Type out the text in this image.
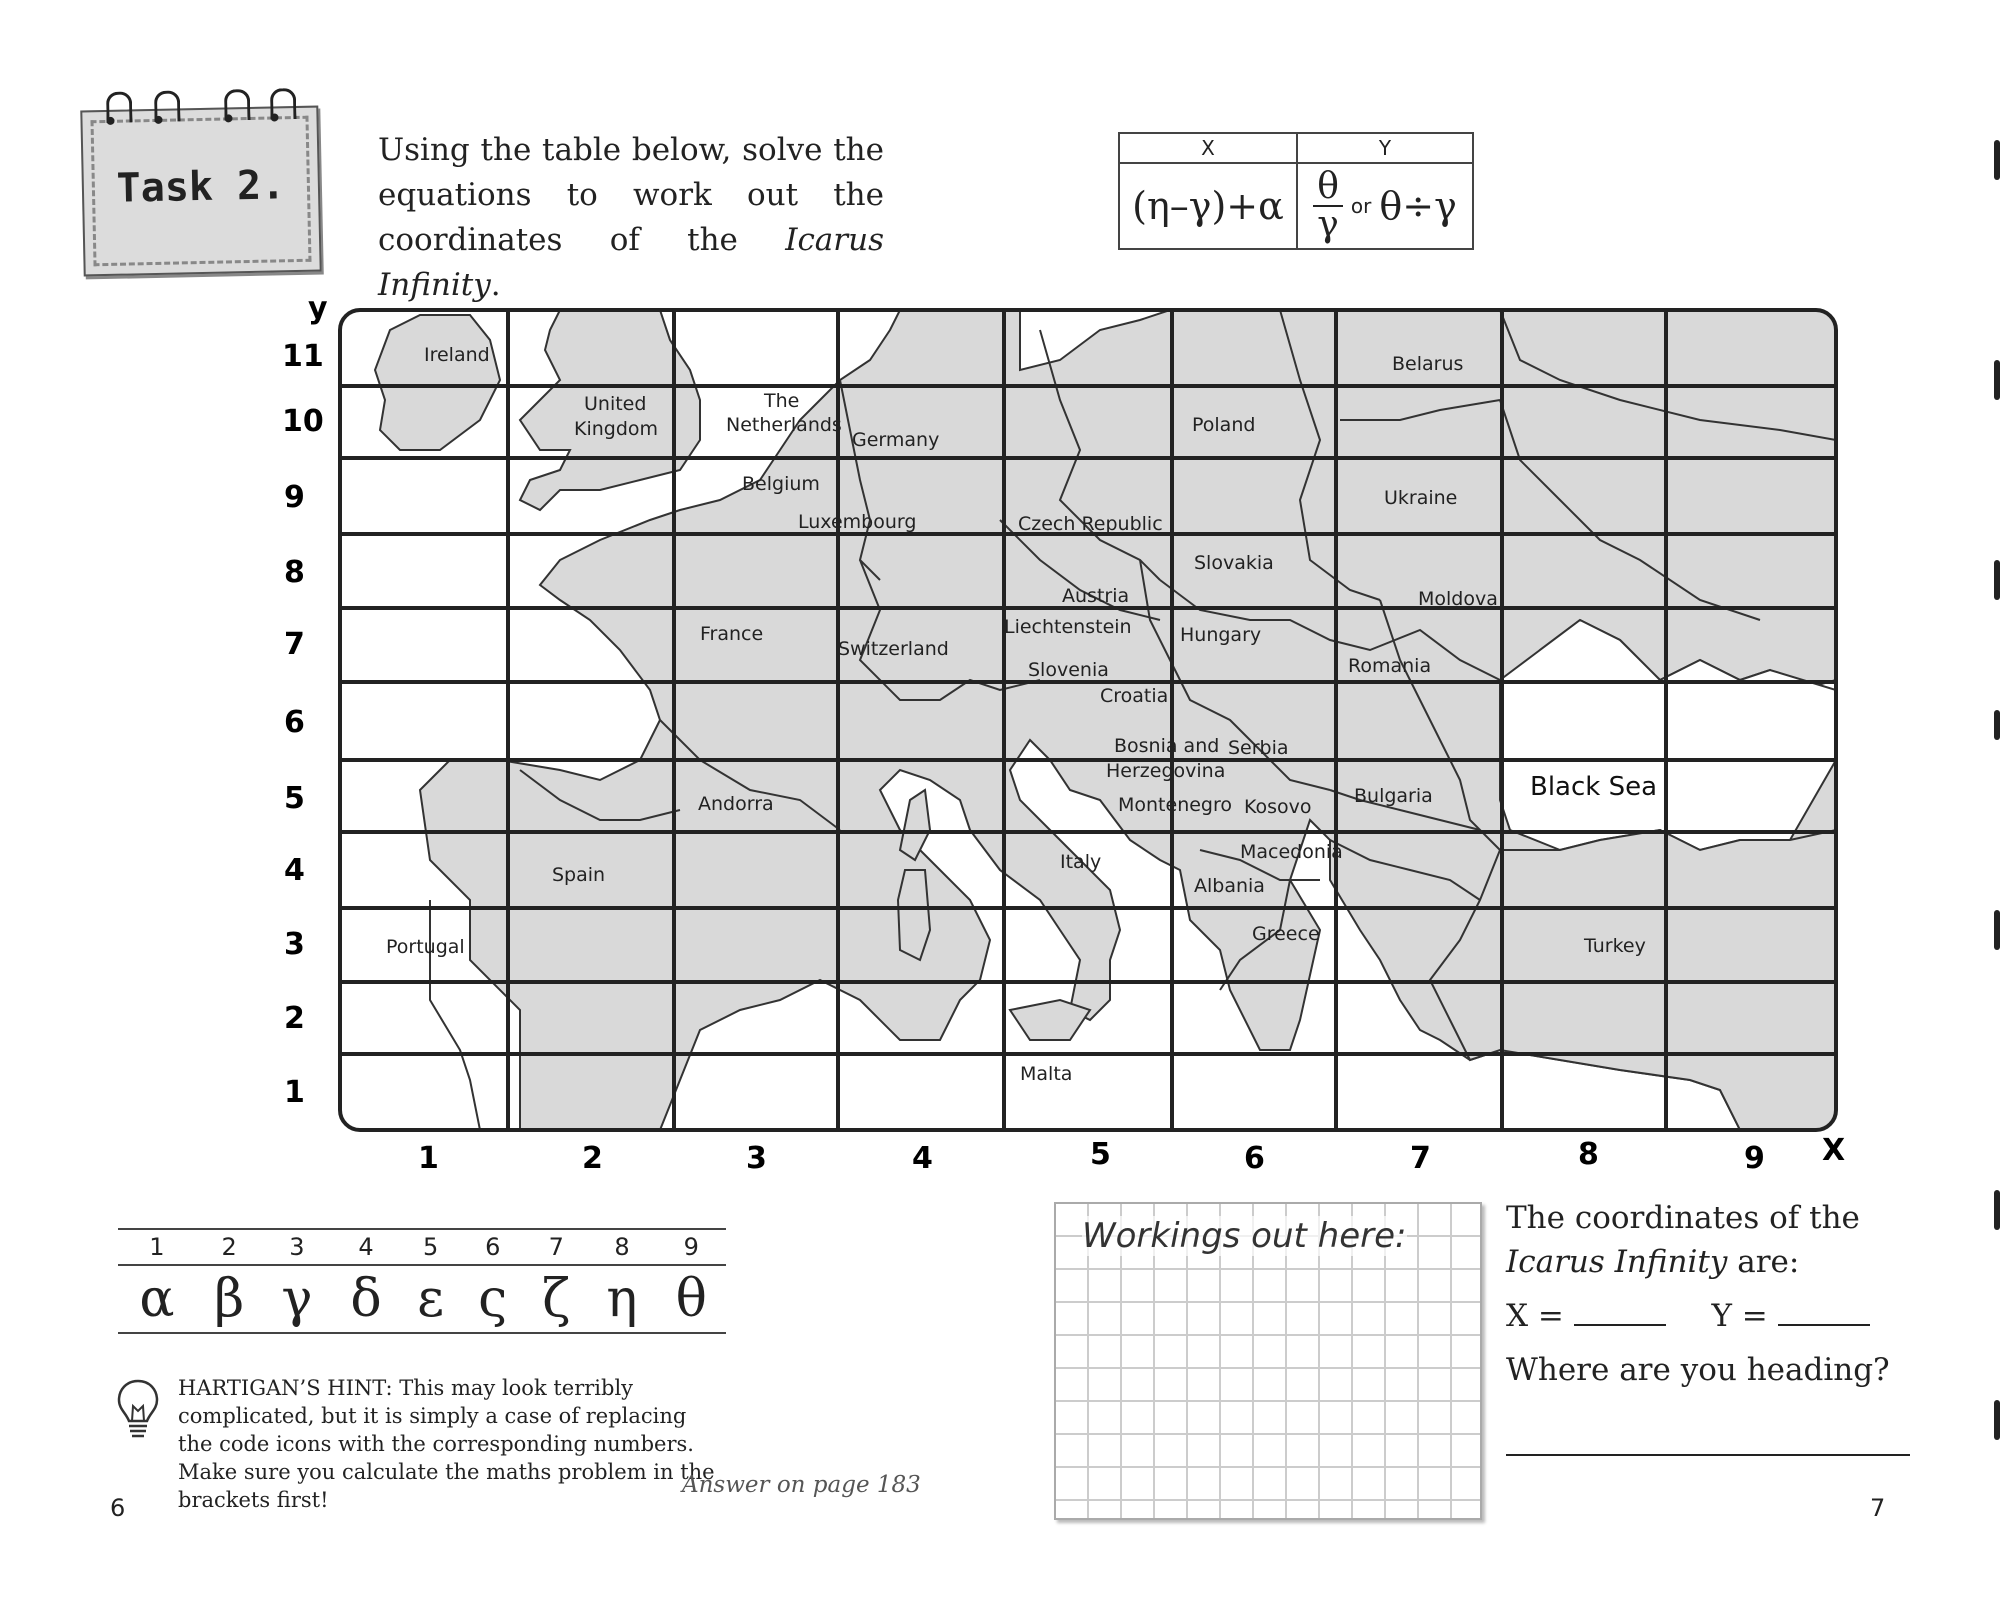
Task 2.
Using the table below, solve the equations to work out the coordinates of the Icarus Infinity.
X	Y
(η–γ)+α	$\frac{\theta}{\gamma}$ or θ÷γ
Ireland
United
Kingdom
The
Netherlands
Germany
Poland
Belarus
Belgium
Luxembourg	Czech Republic
Slovakia
Ukraine
Austria	Moldova
France	Liechtenstein	Hungary
Switzerland
Slovenia	Romania
Croatia
Bosnia and
Herzegovina
Serbia
Andorra	Montenegro Kosovo Bulgaria	Black Sea
Spain
Macedonia
Italy
Albania
Portugal
Greece
Turkey
Malta
y
11
10
9
8
7
6
5
4
3
2
1
1	2	3	4	5	6	7	8	9 X
1	2	3	4	5	6	7	8	9
α	β	γ	δ	ε	ς	ζ	η	θ
HARTIGAN’S HINT: This may look terribly complicated, but it is simply a case of replacing the code icons with the corresponding numbers. Make sure you calculate the maths problem in the brackets first!
Answer on page 183
6	7
Workings out here:	The coordinates of the
Icarus Infinity are:
X =	Y =
Where are you heading?
